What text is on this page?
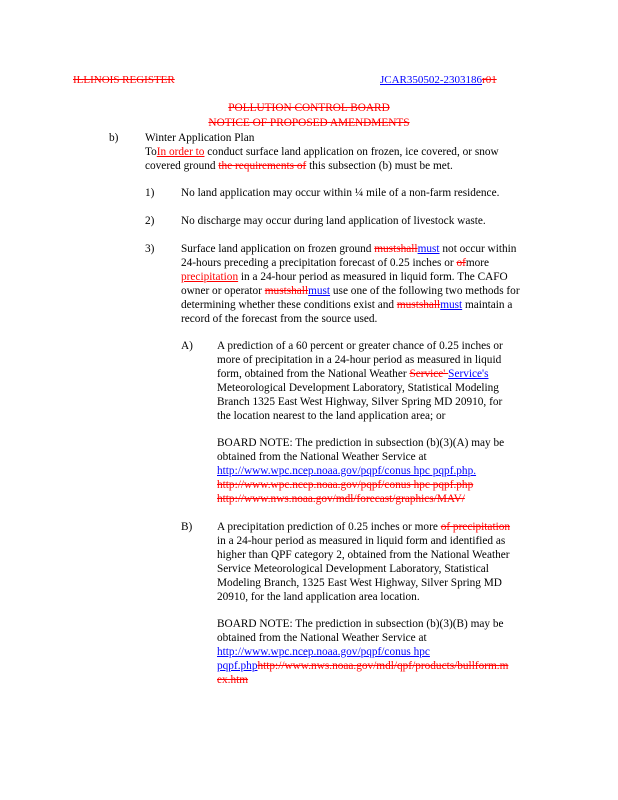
ILLINOIS REGISTER	JCAR350502-2303186r01
POLLUTION CONTROL BOARD
NOTICE OF PROPOSED AMENDMENTS
b) Winter Application Plan
ToIn order to conduct surface land application on frozen, ice covered, or snow
covered ground the requirements of this subsection (b) must be met.
1) No land application may occur within ¼ mile of a non-farm residence.
2) No discharge may occur during land application of livestock waste.
3) Surface land application on frozen ground mustshallmust not occur within
24-hours preceding a precipitation forecast of 0.25 inches or ofmore
precipitation in a 24-hour period as measured in liquid form. The CAFO
owner or operator mustshallmust use one of the following two methods for
determining whether these conditions exist and mustshallmust maintain a
record of the forecast from the source used.
A) A prediction of a 60 percent or greater chance of 0.25 inches or
more of precipitation in a 24-hour period as measured in liquid
form, obtained from the National Weather Service' Service's
Meteorological Development Laboratory, Statistical Modeling
Branch 1325 East West Highway, Silver Spring MD 20910, for
the location nearest to the land application area; or
BOARD NOTE: The prediction in subsection (b)(3)(A) may be
obtained from the National Weather Service at
http://www.wpc.ncep.noaa.gov/pqpf/conus hpc pqpf.php.
http://www.wpc.ncep.noaa.gov/pqpf/conus hpc pqpf.php
http://www.nws.noaa.gov/mdl/forecast/graphics/MAV/
B) A precipitation prediction of 0.25 inches or more of precipitation
in a 24-hour period as measured in liquid form and identified as
higher than QPF category 2, obtained from the National Weather
Service Meteorological Development Laboratory, Statistical
Modeling Branch, 1325 East West Highway, Silver Spring MD
20910, for the land application area location.
BOARD NOTE: The prediction in subsection (b)(3)(B) may be
obtained from the National Weather Service at
http://www.wpc.ncep.noaa.gov/pqpf/conus hpc
pqpf.phphttp://www.nws.noaa.gov/mdl/qpf/products/bullform.m
ex.htm
